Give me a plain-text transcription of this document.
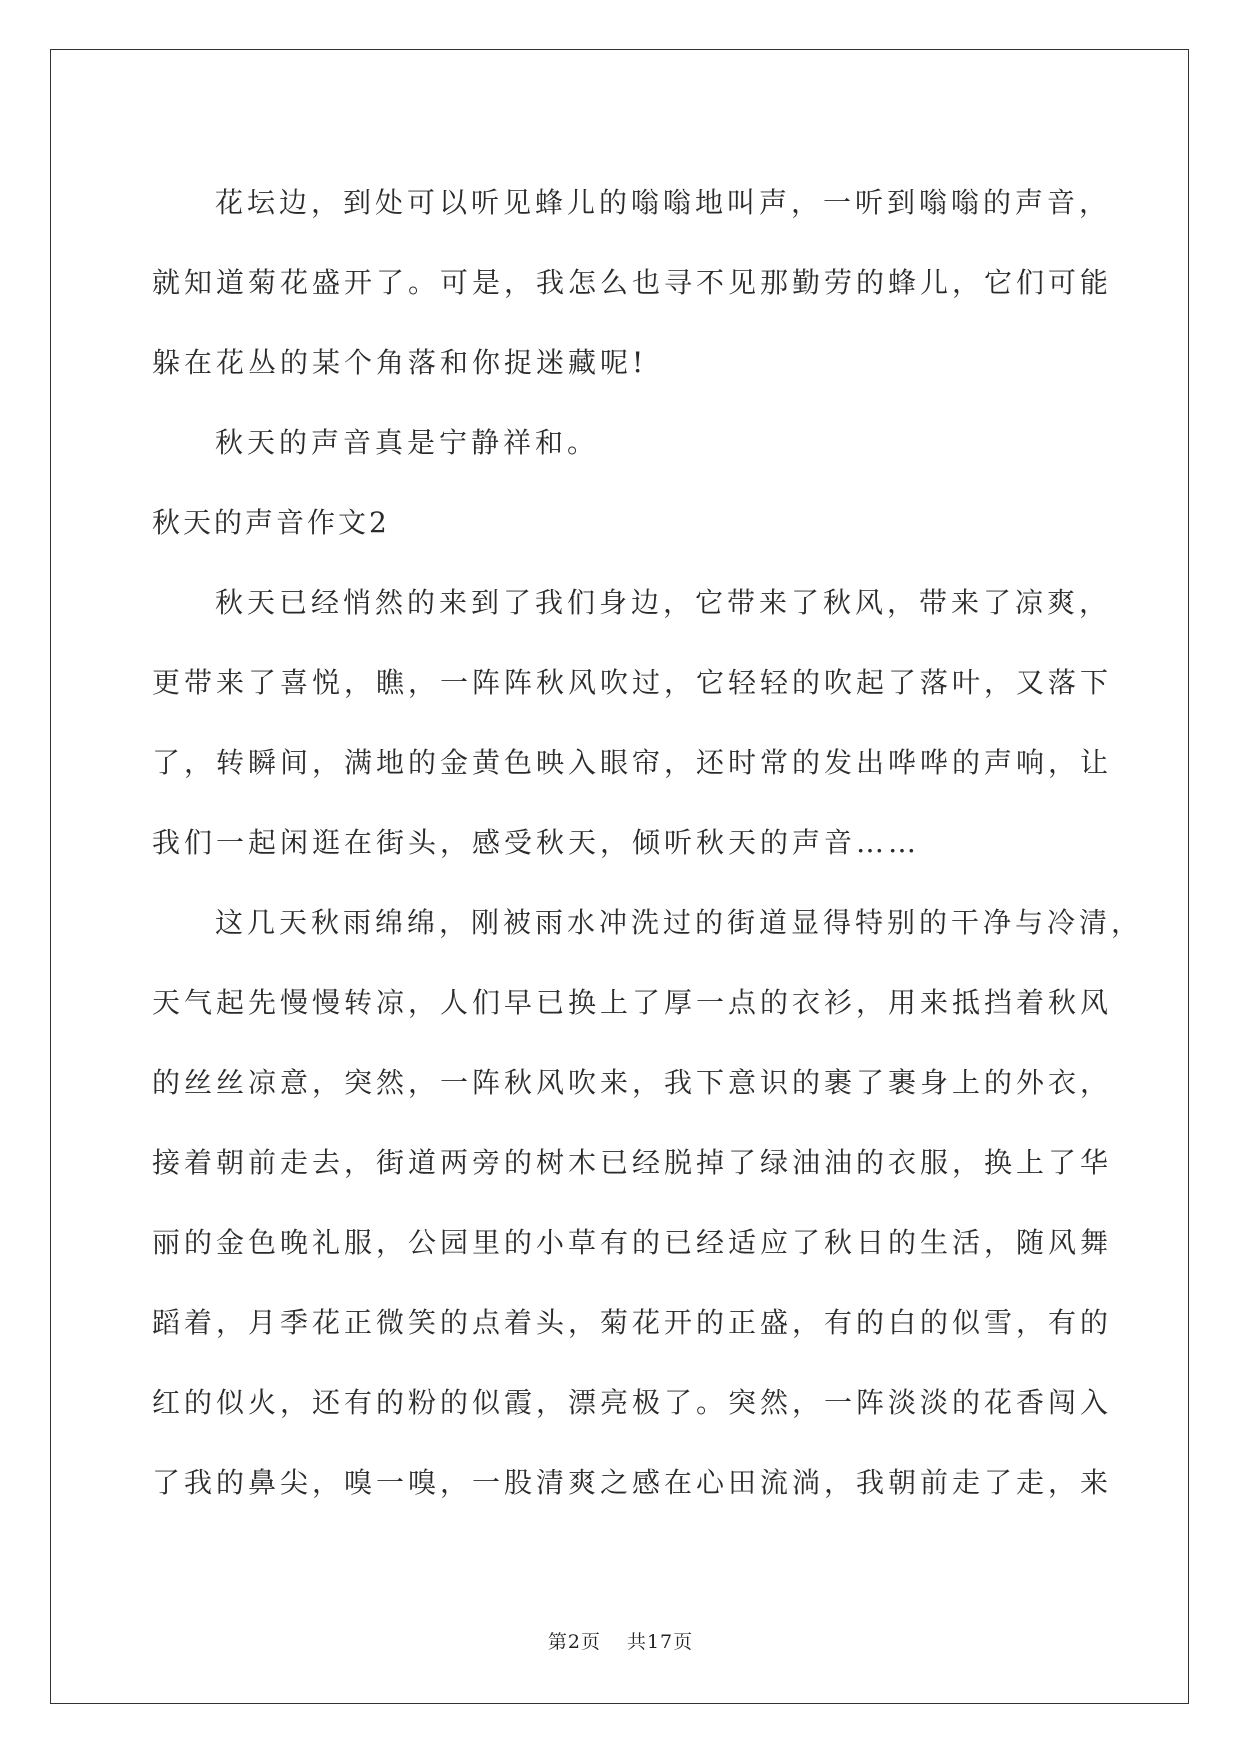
花坛边，到处可以听见蜂儿的嗡嗡地叫声，一听到嗡嗡的声音，
就知道菊花盛开了。可是，我怎么也寻不见那勤劳的蜂儿，它们可能
躲在花丛的某个角落和你捉迷藏呢!
秋天的声音真是宁静祥和。
秋天的声音作文2
秋天已经悄然的来到了我们身边，它带来了秋风，带来了凉爽，
更带来了喜悦，瞧，一阵阵秋风吹过，它轻轻的吹起了落叶，又落下
了，转瞬间，满地的金黄色映入眼帘，还时常的发出哗哗的声响，让
我们一起闲逛在街头，感受秋天，倾听秋天的声音……
这几天秋雨绵绵，刚被雨水冲洗过的街道显得特别的干净与冷清，
天气起先慢慢转凉，人们早已换上了厚一点的衣衫，用来抵挡着秋风
的丝丝凉意，突然，一阵秋风吹来，我下意识的裹了裹身上的外衣，
接着朝前走去，街道两旁的树木已经脱掉了绿油油的衣服，换上了华
丽的金色晚礼服，公园里的小草有的已经适应了秋日的生活，随风舞
蹈着，月季花正微笑的点着头，菊花开的正盛，有的白的似雪，有的
红的似火，还有的粉的似霞，漂亮极了。突然，一阵淡淡的花香闯入
了我的鼻尖，嗅一嗅，一股清爽之感在心田流淌，我朝前走了走，来
第2页 共17页
